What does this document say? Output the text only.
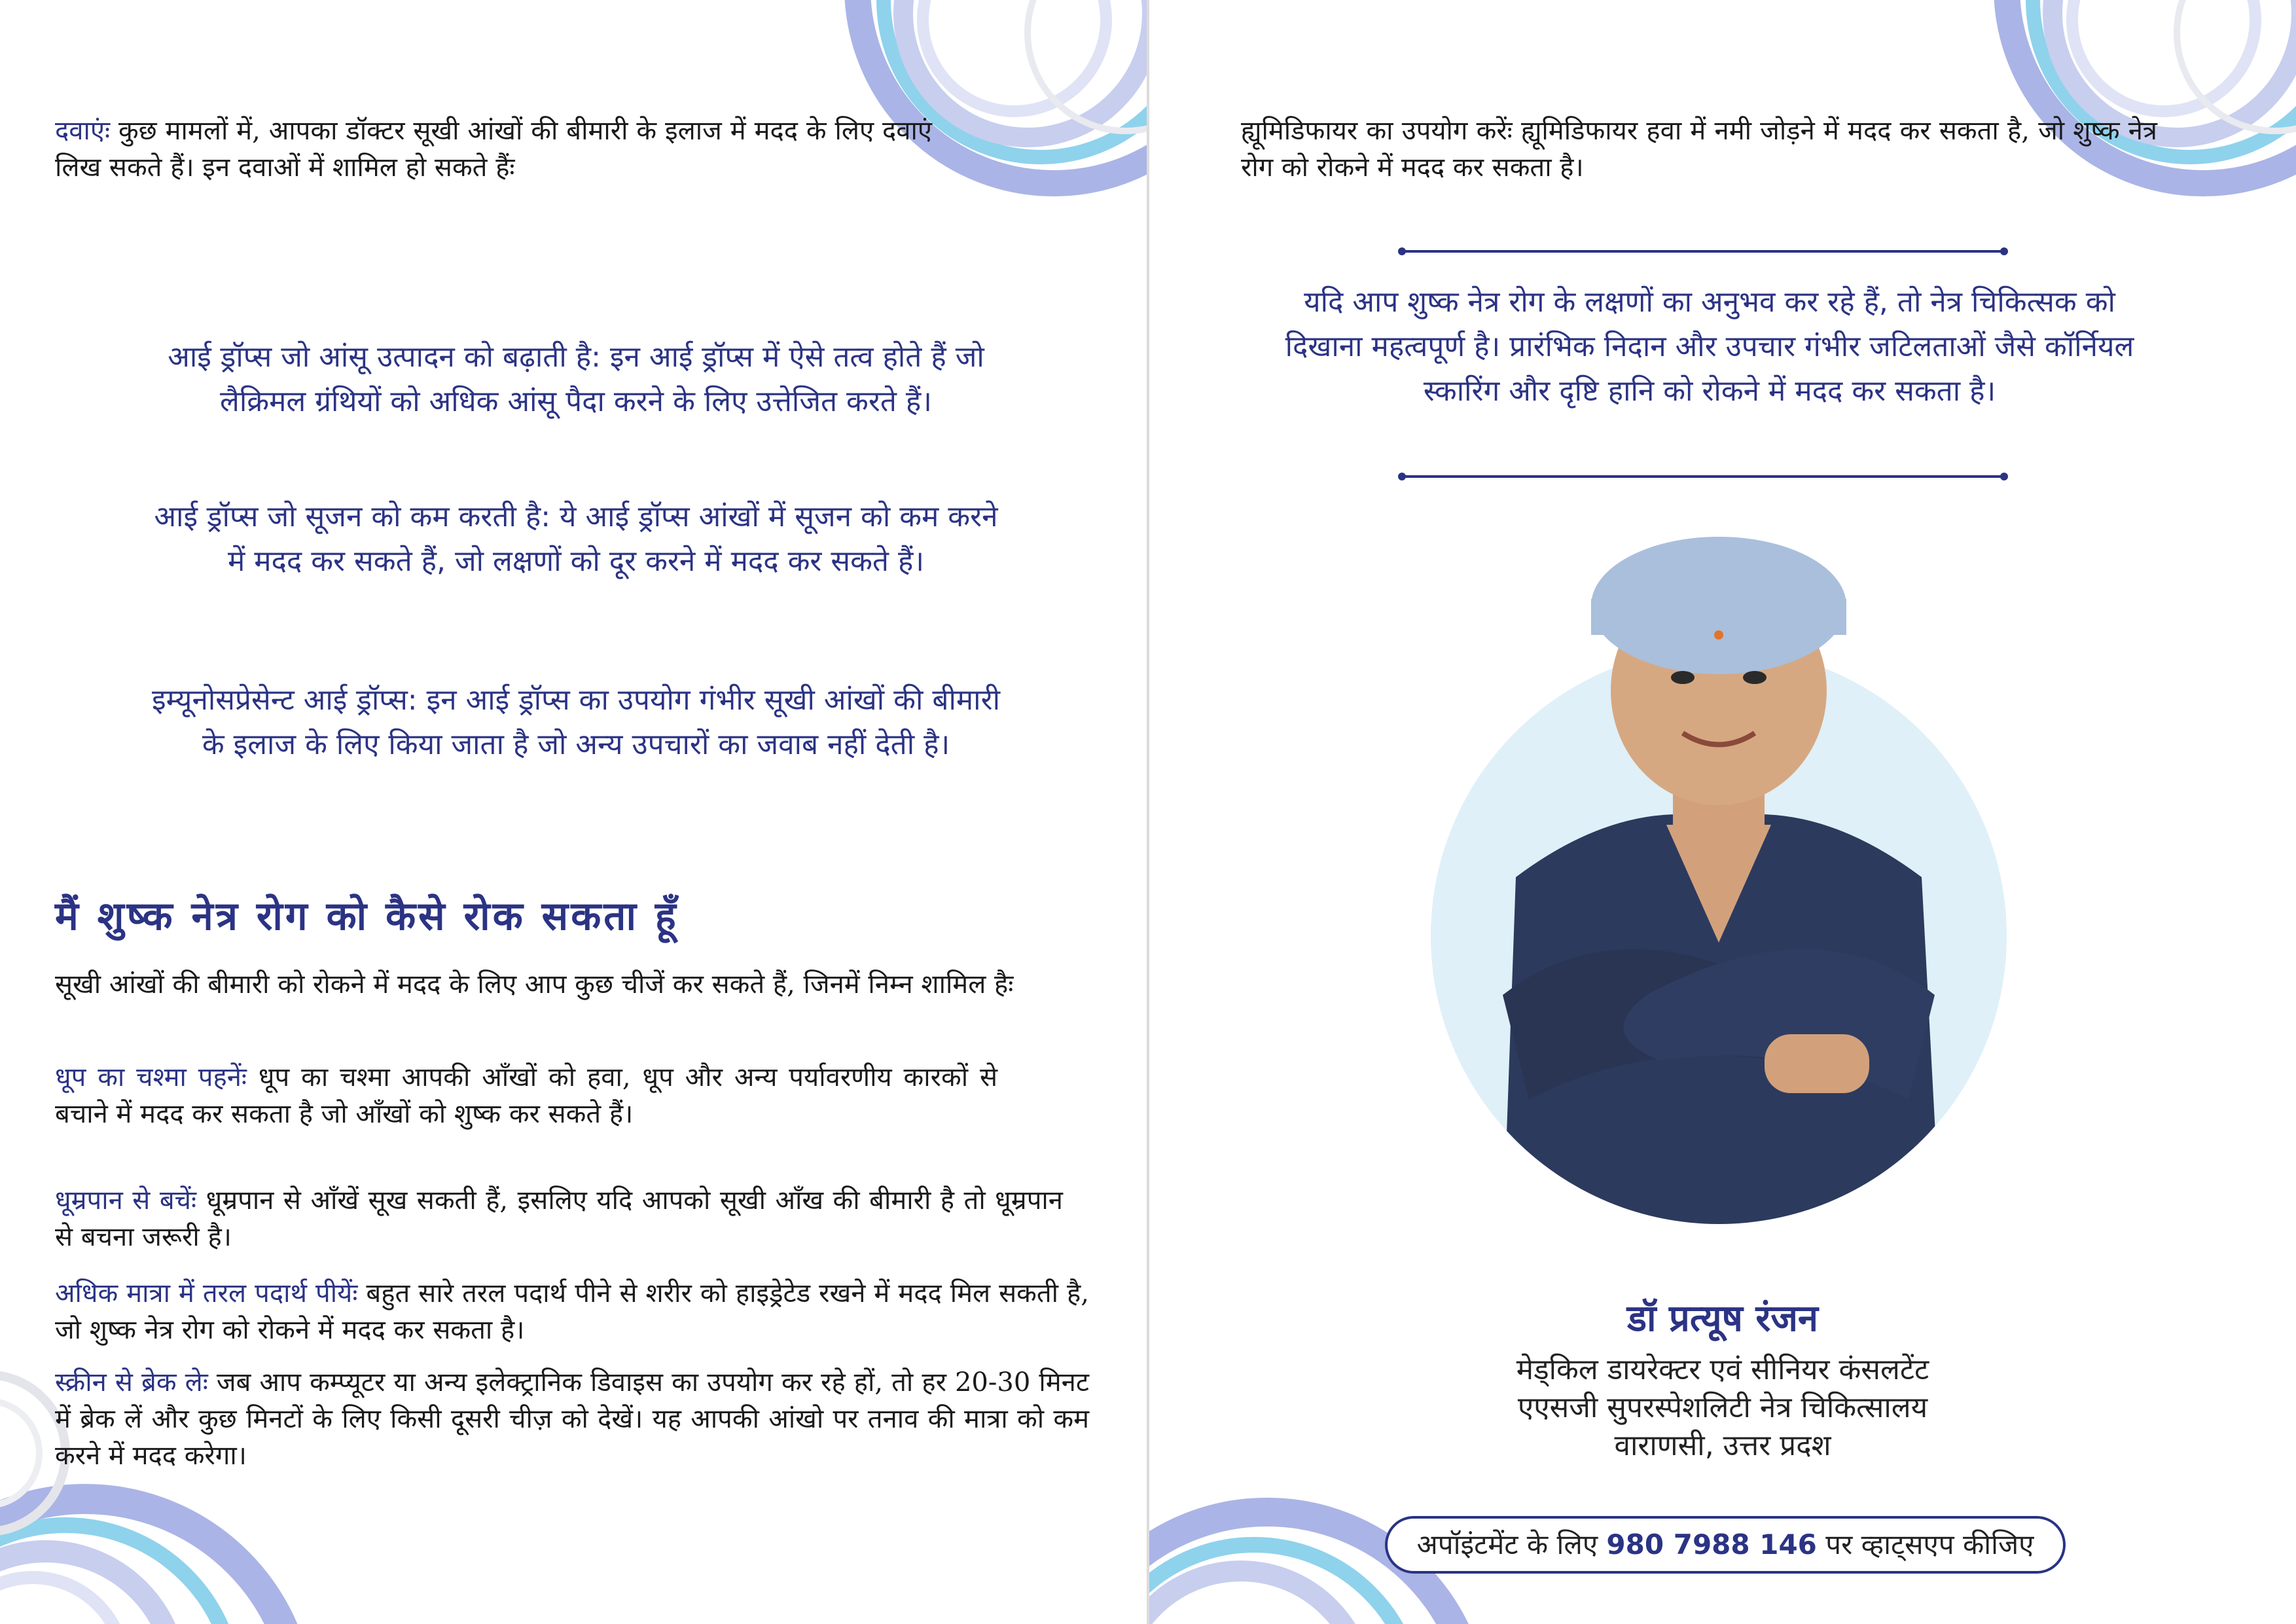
दवाएंः कुछ मामलों में, आपका डॉक्टर सूखी आंखों की बीमारी के इलाज में मदद के लिए दवाएं लिख सकते हैं। इन दवाओं में शामिल हो सकते हैंः

आई ड्रॉप्स जो आंसू उत्पादन को बढ़ाती है: इन आई ड्रॉप्स में ऐसे तत्व होते हैं जो लैक्रिमल ग्रंथियों को अधिक आंसू पैदा करने के लिए उत्तेजित करते हैं।

आई ड्रॉप्स जो सूजन को कम करती है: ये आई ड्रॉप्स आंखों में सूजन को कम करने में मदद कर सकते हैं, जो लक्षणों को दूर करने में मदद कर सकते हैं।

इम्यूनोसप्रेसेन्ट आई ड्रॉप्स: इन आई ड्रॉप्स का उपयोग गंभीर सूखी आंखों की बीमारी के इलाज के लिए किया जाता है जो अन्य उपचारों का जवाब नहीं देती है।

मैं शुष्क नेत्र रोग को कैसे रोक सकता हूँ

सूखी आंखों की बीमारी को रोकने में मदद के लिए आप कुछ चीजें कर सकते हैं, जिनमें निम्न शामिल हैः

धूप का चश्मा पहनेंः धूप का चश्मा आपकी ऑंखों को हवा, धूप और अन्य पर्यावरणीय कारकों से बचाने में मदद कर सकता है जो ऑंखों को शुष्क कर सकते हैं।

धूम्रपान से बचेंः धूम्रपान से ऑंखें सूख सकती हैं, इसलिए यदि आपको सूखी ऑंख की बीमारी है तो धूम्रपान से बचना जरूरी है।

अधिक मात्रा में तरल पदार्थ पीयेंः बहुत सारे तरल पदार्थ पीने से शरीर को हाइड्रेटेड रखने में मदद मिल सकती है, जो शुष्क नेत्र रोग को रोकने में मदद कर सकता है।

स्क्रीन से ब्रेक लेः जब आप कम्प्यूटर या अन्य इलेक्ट्रानिक डिवाइस का उपयोग कर रहे हों, तो हर 20-30 मिनट में ब्रेक लें और कुछ मिनटों के लिए किसी दूसरी चीज़ को देखें। यह आपकी आंखो पर तनाव की मात्रा को कम करने में मदद करेगा।

ह्यूमिडिफायर का उपयोग करेंः ह्यूमिडिफायर हवा में नमी जोड़ने में मदद कर सकता है, जो शुष्क नेत्र रोग को रोकने में मदद कर सकता है।

यदि आप शुष्क नेत्र रोग के लक्षणों का अनुभव कर रहे हैं, तो नेत्र चिकित्सक को दिखाना महत्वपूर्ण है। प्रारंभिक निदान और उपचार गंभीर जटिलताओं जैसे कॉर्नियल स्कारिंग और दृष्टि हानि को रोकने में मदद कर सकता है।

डॉ प्रत्यूष रंजन

मेड्किल डायरेक्टर एवं सीनियर कंसलटेंट

एएसजी सुपरस्पेशलिटी नेत्र चिकित्सालय

वाराणसी, उत्तर प्रदश

अपॉइंटमेंट के लिए 980 7988 146 पर व्हाट्सएप कीजिए
